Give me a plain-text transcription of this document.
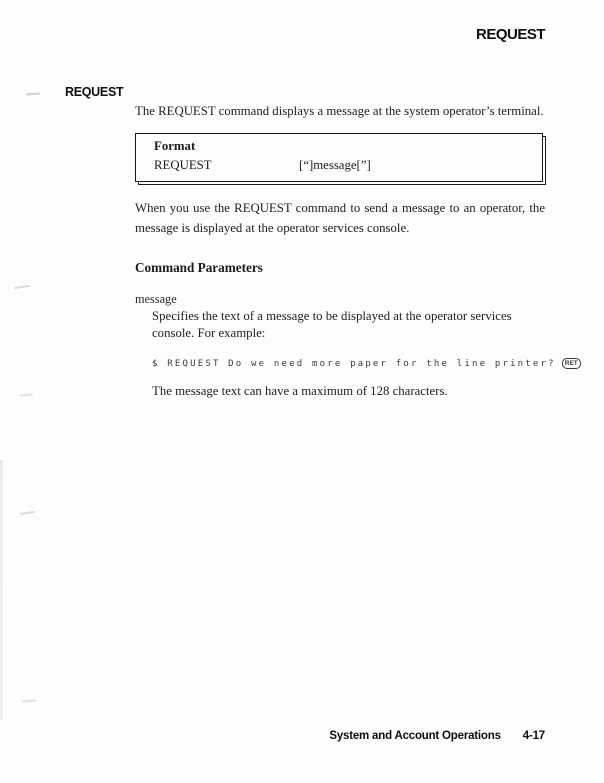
REQUEST
REQUEST

The REQUEST command displays a message at the system operator’s terminal.

Format
REQUEST	[“]message[”]

When you use the REQUEST command to send a message to an operator, the message is displayed at the operator services console.

Command Parameters
message

Specifies the text of a message to be displayed at the operator services console. For example:

$ REQUEST Do we need more paper for the line printer?	RET

The message text can have a maximum of 128 characters.

System and Account Operations 4-17
